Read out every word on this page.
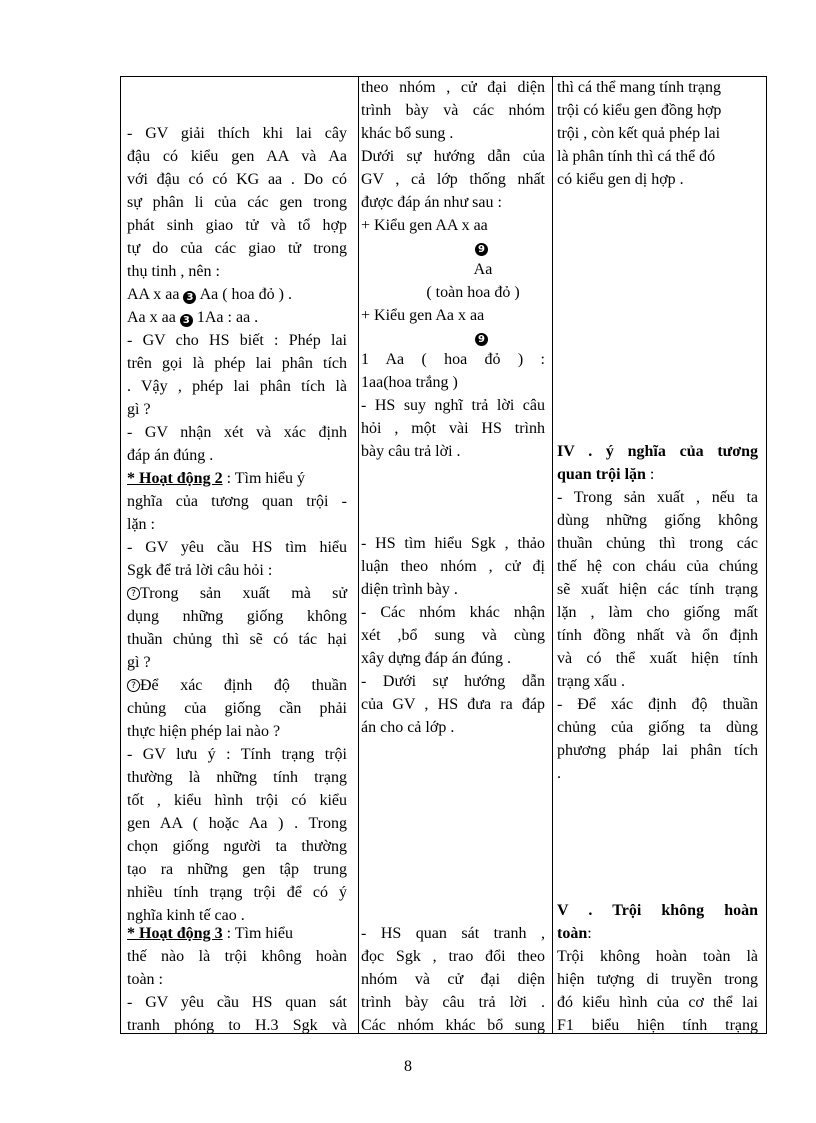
- GV giải thích khi lai cây
đậu có kiểu gen AA và Aa
với đậu có có KG aa . Do có
sự phân li của các gen trong
phát sinh giao tử và tổ hợp
tự do của các giao tử trong
thụ tinh , nên :
AA x aa 3 Aa ( hoa đỏ ) .
Aa x aa 3 1Aa : aa .
- GV cho HS biết : Phép lai
trên gọi là phép lai phân tích
. Vậy , phép lai phân tích là
gì ?
- GV nhận xét và xác định
đáp án đúng .
* Hoạt động 2 : Tìm hiểu ý
nghĩa của tương quan trội -
lặn :
- GV yêu cầu HS tìm hiểu
Sgk để trả lời câu hỏi :
? Trong sản xuất mà sử
dụng những giống không
thuần chủng thì sẽ có tác hại
gì ?
? Để xác định độ thuần
chủng của giống cần phải
thực hiện phép lai nào ?
- GV lưu ý : Tính trạng trội
thường là những tính trạng
tốt , kiểu hình trội có kiểu
gen AA ( hoặc Aa ) . Trong
chọn giống người ta thường
tạo ra những gen tập trung
nhiều tính trạng trội để có ý
nghĩa kinh tế cao .
* Hoạt động 3 : Tìm hiểu
thế nào là trội không hoàn
toàn :
- GV yêu cầu HS quan sát
tranh phóng to H.3 Sgk và
theo nhóm , cử đại diện
trình bày và các nhóm
khác bổ sung .
Dưới sự hướng dẫn của
GV , cả lớp thống nhất
được đáp án như sau :
+ Kiểu gen AA x aa
9
Aa
( toàn hoa đỏ )
+ Kiểu gen Aa x aa
9
1 Aa ( hoa đỏ ) :
1aa(hoa trắng )
- HS suy nghĩ trả lời câu
hỏi , một vài HS trình
bày câu trả lời .
- HS tìm hiểu Sgk , thảo
luận theo nhóm , cử đị
diện trình bày .
- Các nhóm khác nhận
xét ,bổ sung và cùng
xây dựng đáp án đúng .
- Dưới sự hướng dẫn
của GV , HS đưa ra đáp
án cho cả lớp .
- HS quan sát tranh ,
đọc Sgk , trao đổi theo
nhóm và cử đại diện
trình bày câu trả lời .
Các nhóm khác bổ sung
thì cá thể mang tính trạng
trội có kiểu gen đồng hợp
trội , còn kết quả phép lai
là phân tính thì cá thể đó
có kiểu gen dị hợp .
IV . ý nghĩa của tương
quan trội lặn :
- Trong sản xuất , nếu ta
dùng những giống không
thuần chủng thì trong các
thế hệ con cháu của chúng
sẽ xuất hiện các tính trạng
lặn , làm cho giống mất
tính đồng nhất và ổn định
và có thể xuất hiện tính
trạng xấu .
- Để xác định độ thuần
chủng của giống ta dùng
phương pháp lai phân tích
.
V . Trội không hoàn
toàn:
Trội không hoàn toàn là
hiện tượng di truyền trong
đó kiểu hình của cơ thể lai
F1 biểu hiện tính trạng
8
